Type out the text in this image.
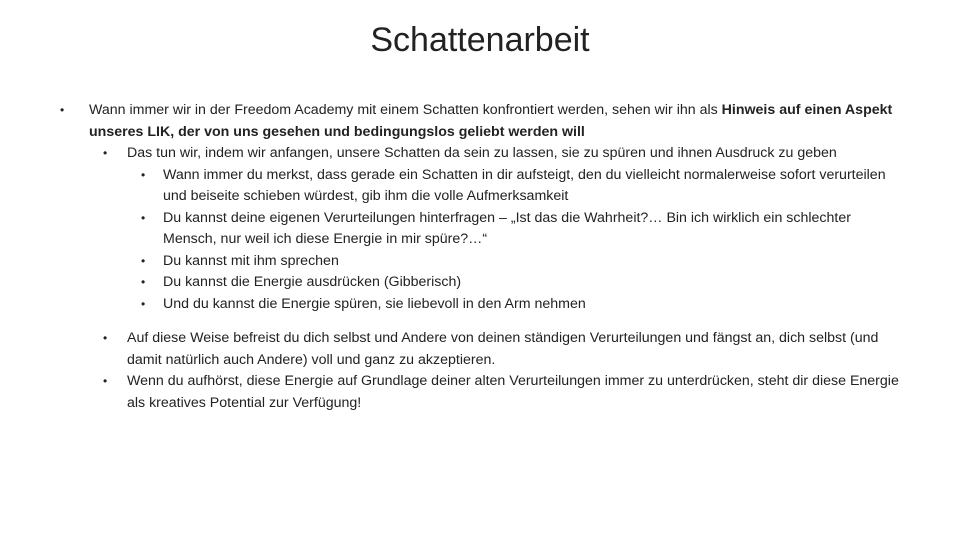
Schattenarbeit
• Wann immer wir in der Freedom Academy mit einem Schatten konfrontiert werden, sehen wir ihn als Hinweis auf einen Aspekt unseres LIK, der von uns gesehen und bedingungslos geliebt werden will
• Das tun wir, indem wir anfangen, unsere Schatten da sein zu lassen, sie zu spüren und ihnen Ausdruck zu geben
• Wann immer du merkst, dass gerade ein Schatten in dir aufsteigt, den du vielleicht normalerweise sofort verurteilen und beiseite schieben würdest, gib ihm die volle Aufmerksamkeit
• Du kannst deine eigenen Verurteilungen hinterfragen – „Ist das die Wahrheit?… Bin ich wirklich ein schlechter Mensch, nur weil ich diese Energie in mir spüre?…“
• Du kannst mit ihm sprechen
• Du kannst die Energie ausdrücken (Gibberisch)
• Und du kannst die Energie spüren, sie liebevoll in den Arm nehmen
• Auf diese Weise befreist du dich selbst und Andere von deinen ständigen Verurteilungen und fängst an, dich selbst (und damit natürlich auch Andere) voll und ganz zu akzeptieren.
• Wenn du aufhörst, diese Energie auf Grundlage deiner alten Verurteilungen immer zu unterdrücken, steht dir diese Energie als kreatives Potential zur Verfügung!
